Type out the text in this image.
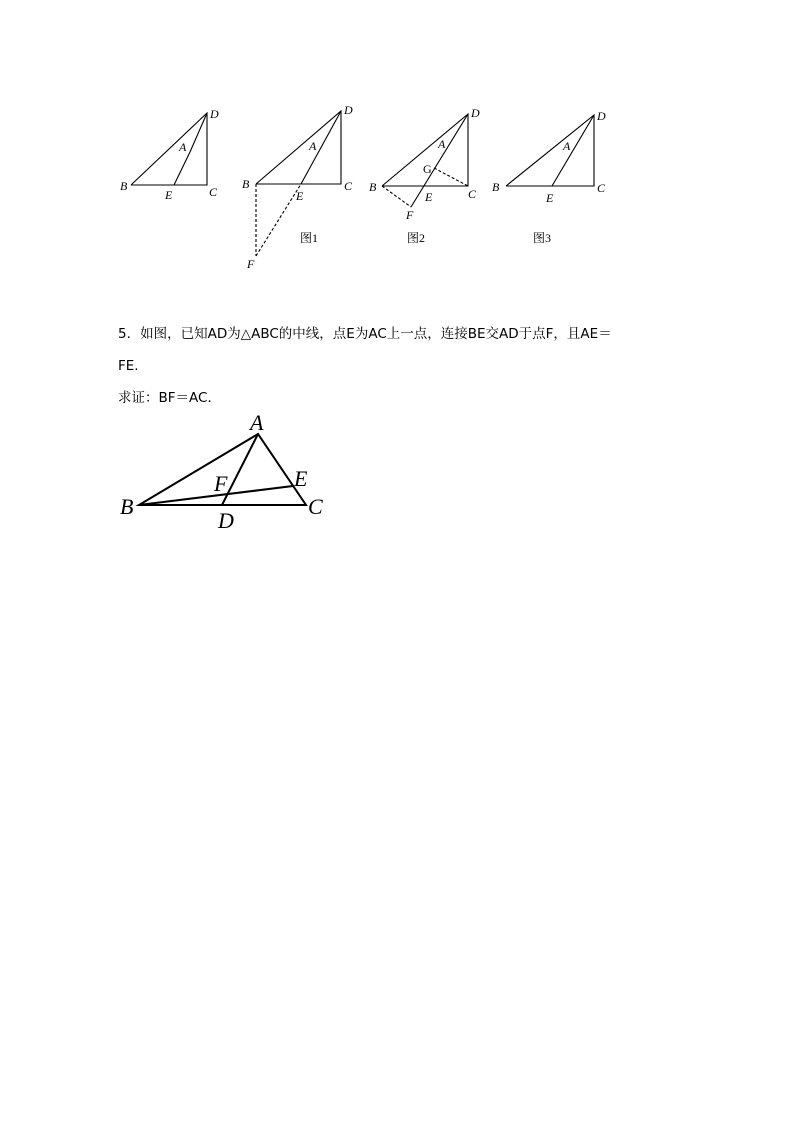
D
A
B
E	C
D
A
B
E
C
F
图1
D
A
G
B
E	C
F
图2
D
A
B
E
C
图3

5．如图，已知AD为△ABC的中线，点E为AC上一点，连接BE交AD于点F，且AE＝

FE.

求证：BF＝AC．

A
B	C
D
E
F
